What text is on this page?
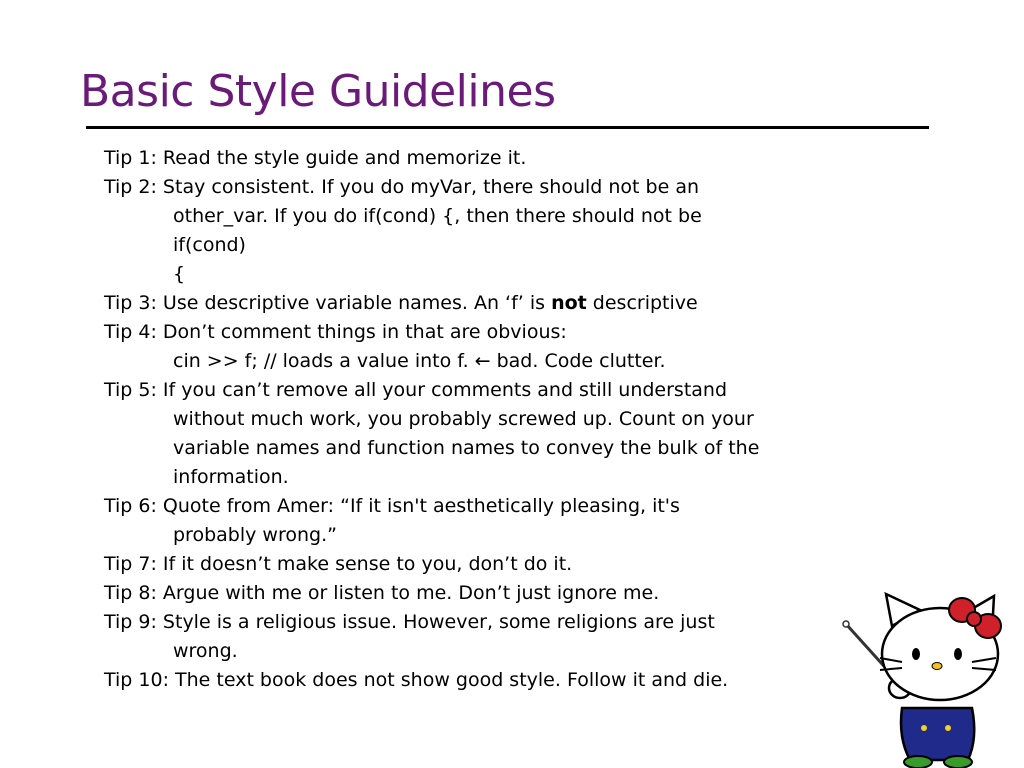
Basic Style Guidelines
Tip 1: Read the style guide and memorize it.
Tip 2: Stay consistent. If you do myVar, there should not be an
other_var. If you do if(cond) {, then there should not be
if(cond)
{
Tip 3: Use descriptive variable names. An ‘f’ is not descriptive
Tip 4: Don’t comment things in that are obvious:
cin >> f; // loads a value into f. ← bad. Code clutter.
Tip 5: If you can’t remove all your comments and still understand
without much work, you probably screwed up. Count on your
variable names and function names to convey the bulk of the
information.
Tip 6: Quote from Amer: “If it isn't aesthetically pleasing, it's
probably wrong.”
Tip 7: If it doesn’t make sense to you, don’t do it.
Tip 8: Argue with me or listen to me. Don’t just ignore me.
Tip 9: Style is a religious issue. However, some religions are just
wrong.
Tip 10: The text book does not show good style. Follow it and die.
